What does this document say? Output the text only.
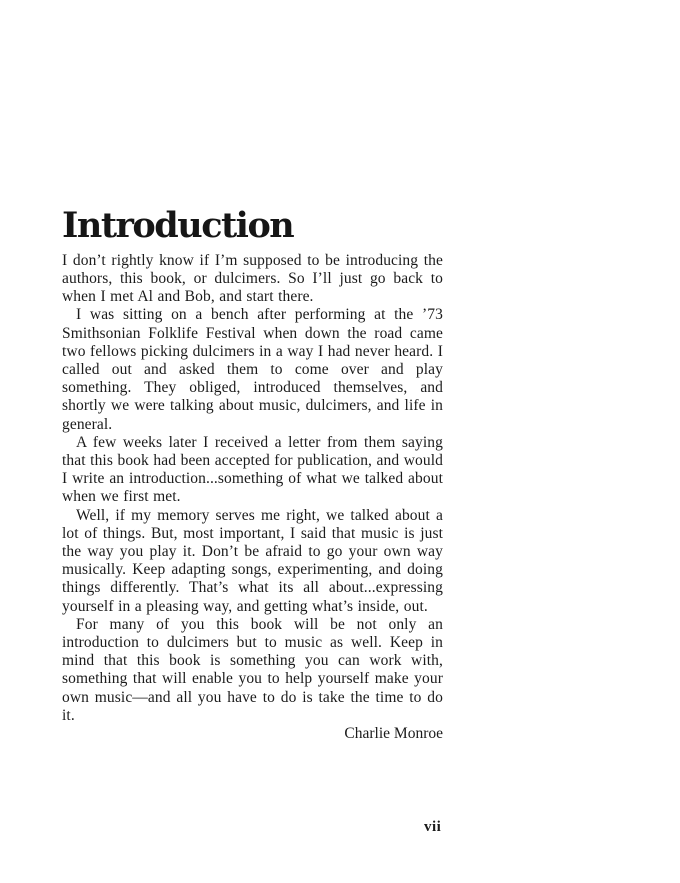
Introduction

I don’t rightly know if I’m supposed to be introducing the authors, this book, or dulcimers. So I’ll just go back to when I met Al and Bob, and start there.

I was sitting on a bench after performing at the ’73 Smithsonian Folklife Festival when down the road came two fellows picking dulcimers in a way I had never heard. I called out and asked them to come over and play something. They obliged, introduced themselves, and shortly we were talking about music, dulcimers, and life in general.

A few weeks later I received a letter from them saying that this book had been accepted for publication, and would I write an introduction...something of what we talked about when we first met.

Well, if my memory serves me right, we talked about a lot of things. But, most important, I said that music is just the way you play it. Don’t be afraid to go your own way musically. Keep adapting songs, experimenting, and doing things differently. That’s what its all about...expressing yourself in a pleasing way, and getting what’s inside, out.

For many of you this book will be not only an introduction to dulcimers but to music as well. Keep in mind that this book is something you can work with, something that will enable you to help yourself make your own music—and all you have to do is take the time to do it.

Charlie Monroe

vii
